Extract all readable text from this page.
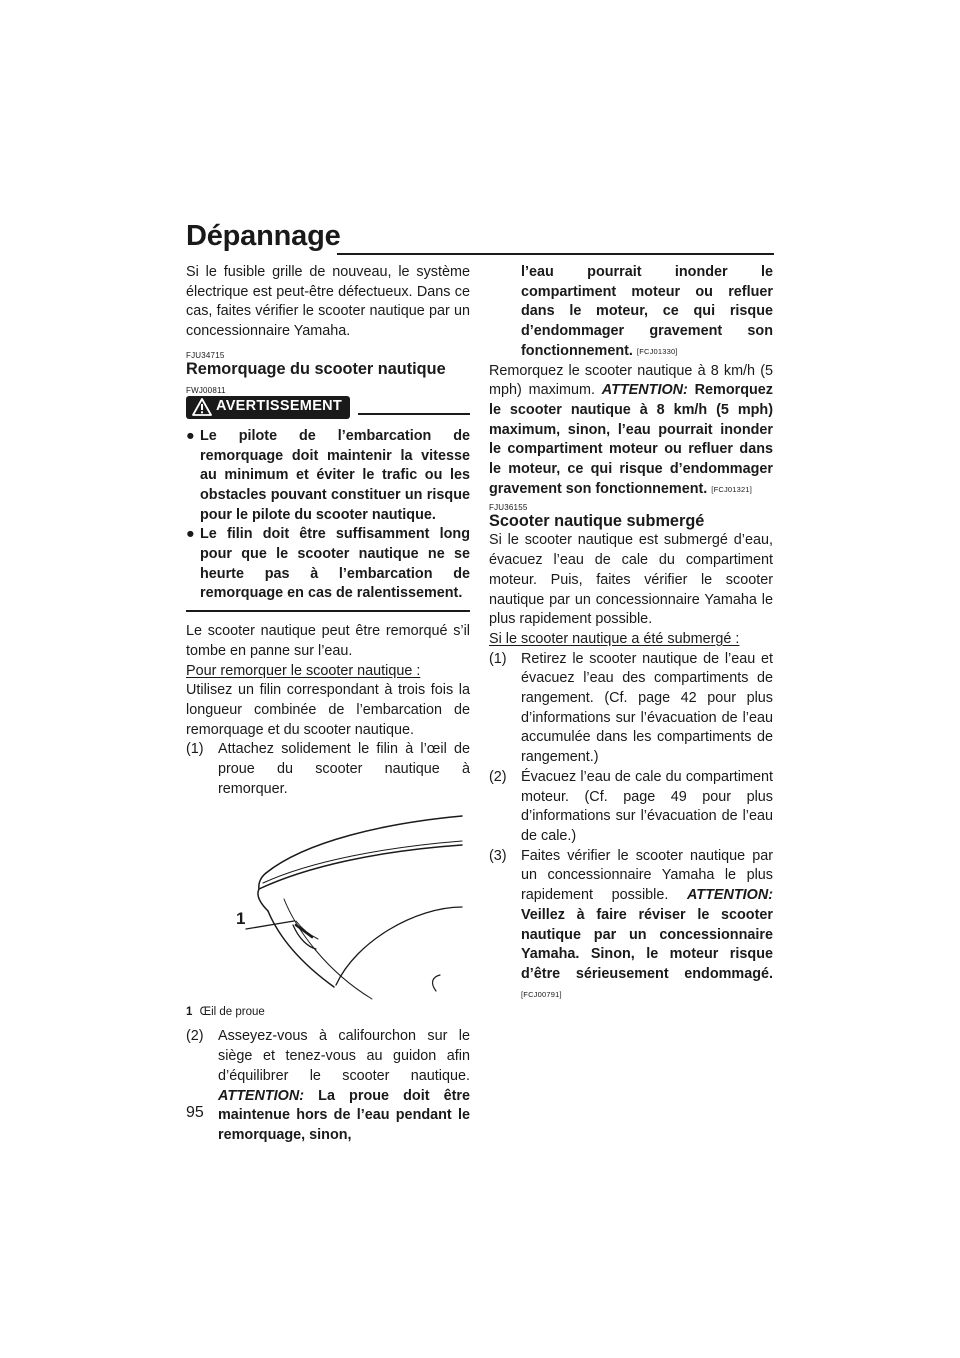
Dépannage

Si le fusible grille de nouveau, le système électrique est peut-être défectueux. Dans ce cas, faites vérifier le scooter nautique par un concessionnaire Yamaha.

FJU34715
Remorquage du scooter nautique
FWJ00811
AVERTISSEMENT
● Le pilote de l’embarcation de remorquage doit maintenir la vitesse au minimum et éviter le trafic ou les obstacles pouvant constituer un risque pour le pilote du scooter nautique.
● Le filin doit être suffisamment long pour que le scooter nautique ne se heurte pas à l’embarcation de remorquage en cas de ralentissement.

Le scooter nautique peut être remorqué s’il tombe en panne sur l’eau.

Pour remorquer le scooter nautique :

Utilisez un filin correspondant à trois fois la longueur combinée de l’embarcation de remorquage et du scooter nautique.

(1)	Attachez solidement le filin à l’œil de proue du scooter nautique à remorquer.
1
1 Œil de proue
(2)	Asseyez-vous à califourchon sur le siège et tenez-vous au guidon afin d’équilibrer le scooter nautique. ATTENTION: La proue doit être maintenue hors de l’eau pendant le remorquage, sinon,
l’eau pourrait inonder le compartiment moteur ou refluer dans le moteur, ce qui risque d’endommager gravement son fonctionnement. [FCJ01330]

Remorquez le scooter nautique à 8 km/h (5 mph) maximum. ATTENTION: Remorquez le scooter nautique à 8 km/h (5 mph) maximum, sinon, l’eau pourrait inonder le compartiment moteur ou refluer dans le moteur, ce qui risque d’endommager gravement son fonctionnement. [FCJ01321]

FJU36155
Scooter nautique submergé

Si le scooter nautique est submergé d’eau, évacuez l’eau de cale du compartiment moteur. Puis, faites vérifier le scooter nautique par un concessionnaire Yamaha le plus rapidement possible.

Si le scooter nautique a été submergé :
(1)	Retirez le scooter nautique de l’eau et évacuez l’eau des compartiments de rangement. (Cf. page 42 pour plus d’informations sur l’évacuation de l’eau accumulée dans les compartiments de rangement.)
(2)	Évacuez l’eau de cale du compartiment moteur. (Cf. page 49 pour plus d’informations sur l’évacuation de l’eau de cale.)
(3)	Faites vérifier le scooter nautique par un concessionnaire Yamaha le plus rapidement possible. ATTENTION: Veillez à faire réviser le scooter nautique par un concessionnaire Yamaha. Sinon, le moteur risque d’être sérieusement endommagé. [FCJ00791]
95
